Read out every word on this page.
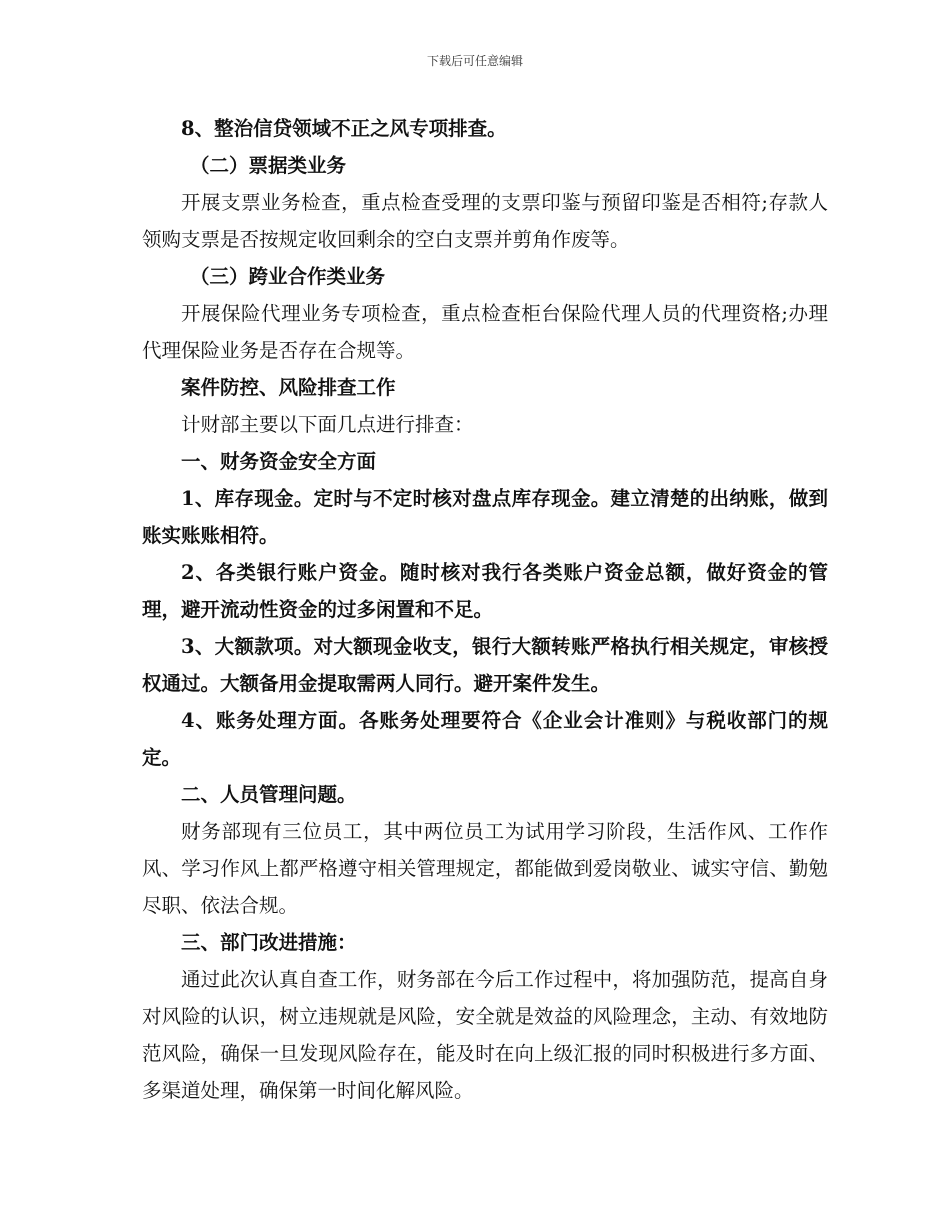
下载后可任意编辑

8、整治信贷领域不正之风专项排查。

（二）票据类业务

开展支票业务检查，重点检查受理的支票印鉴与预留印鉴是否相符;存款人领购支票是否按规定收回剩余的空白支票并剪角作废等。

（三）跨业合作类业务

开展保险代理业务专项检查，重点检查柜台保险代理人员的代理资格;办理代理保险业务是否存在合规等。

案件防控、风险排查工作

计财部主要以下面几点进行排查：

一、财务资金安全方面

1、库存现金。定时与不定时核对盘点库存现金。建立清楚的出纳账，做到账实账账相符。

2、各类银行账户资金。随时核对我行各类账户资金总额，做好资金的管理，避开流动性资金的过多闲置和不足。

3、大额款项。对大额现金收支，银行大额转账严格执行相关规定，审核授权通过。大额备用金提取需两人同行。避开案件发生。

4、账务处理方面。各账务处理要符合《企业会计准则》与税收部门的规定。

二、人员管理问题。

财务部现有三位员工，其中两位员工为试用学习阶段，生活作风、工作作风、学习作风上都严格遵守相关管理规定，都能做到爱岗敬业、诚实守信、勤勉尽职、依法合规。

三、部门改进措施：

通过此次认真自查工作，财务部在今后工作过程中，将加强防范，提高自身对风险的认识，树立违规就是风险，安全就是效益的风险理念，主动、有效地防范风险，确保一旦发现风险存在，能及时在向上级汇报的同时积极进行多方面、多渠道处理，确保第一时间化解风险。
